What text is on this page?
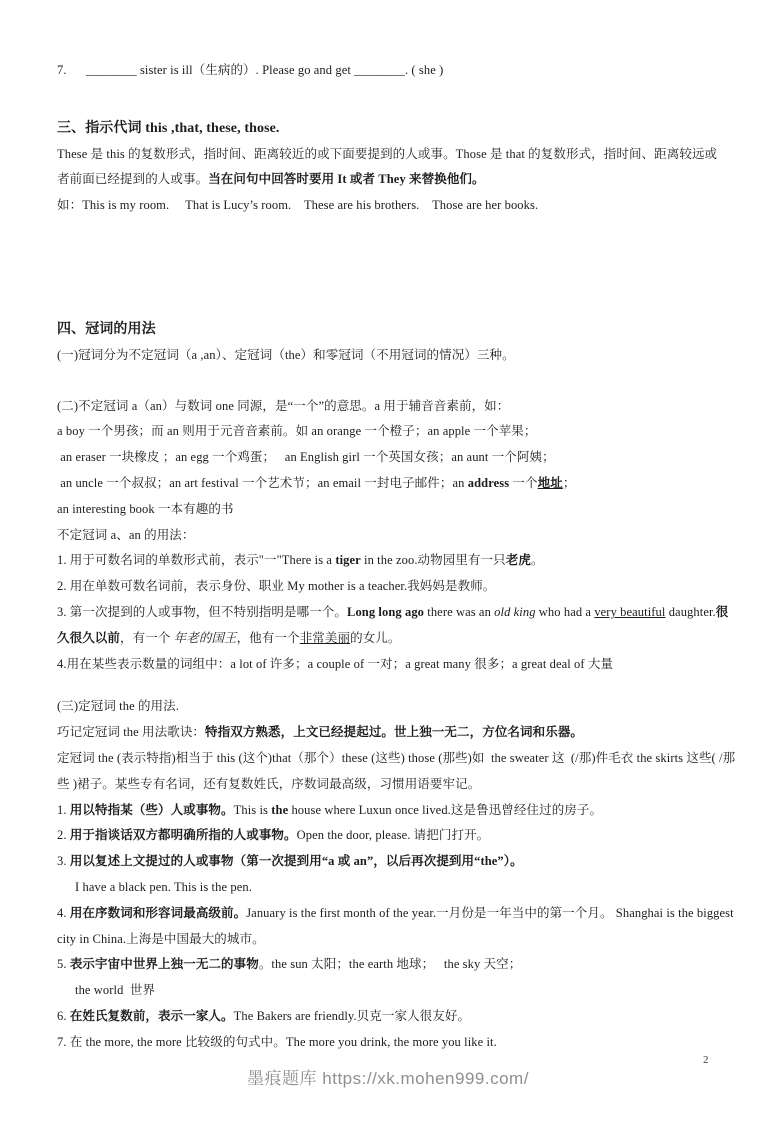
7.      ________ sister is ill（生病的）. Please go and get ________. ( she )
三、指示代词 this ,that, these, those.
These 是 this 的复数形式，指时间、距离较近的或下面要提到的人或事。Those 是 that 的复数形式，指时间、距离较远或
者前面已经提到的人或事。当在问句中回答时要用 It 或者 They 来替换他们。
如：This is my room.     That is Lucy’s room.    These are his brothers.    Those are her books.
四、冠词的用法
(一)冠词分为不定冠词（a ,an）、定冠词（the）和零冠词（不用冠词的情况）三种。
(二)不定冠词 a（an）与数词 one 同源，是“一个”的意思。a 用于辅音音素前，如：
a boy 一个男孩；而 an 则用于元音音素前。如 an orange 一个橙子；an apple 一个苹果；
an eraser 一块橡皮 ；an egg 一个鸡蛋；   an English girl 一个英国女孩；an aunt 一个阿姨；
an uncle 一个叔叔；an art festival 一个艺术节；an email 一封电子邮件；an address 一个地址；
an interesting book 一本有趣的书
不定冠词 a、an 的用法：
1. 用于可数名词的单数形式前，表示"一"There is a tiger in the zoo.动物园里有一只老虎。
2. 用在单数可数名词前，表示身份、职业 My mother is a teacher.我妈妈是教师。
3. 第一次提到的人或事物，但不特别指明是哪一个。Long long ago there was an old king who had a very beautiful daughter.很
久很久以前，有一个 年老的国王，他有一个非常美丽的女儿。
4.用在某些表示数量的词组中：a lot of 许多；a couple of 一对；a great many 很多；a great deal of 大量
(三)定冠词 the 的用法.
巧记定冠词 the 用法歌诀：特指双方熟悉，上文已经提起过。世上独一无二，方位名词和乐器。
定冠词 the (表示特指)相当于 this (这个)that（那个）these (这些) those (那些)如  the sweater 这  (/那)件毛衣 the skirts 这些( /那
些 )裙子。某些专有名词，还有复数姓氏，序数词最高级，习惯用语要牢记。
1. 用以特指某（些）人或事物。This is the house where Luxun once lived.这是鲁迅曾经住过的房子。
2. 用于指谈话双方都明确所指的人或事物。Open the door, please. 请把门打开。
3. 用以复述上文提过的人或事物（第一次提到用“a 或 an”，以后再次提到用“the”）。
I have a black pen. This is the pen.
4. 用在序数词和形容词最高级前。January is the first month of the year.一月份是一年当中的第一个月。 Shanghai is the biggest
city in China.上海是中国最大的城市。
5. 表示宇宙中世界上独一无二的事物。the sun 太阳；the earth 地球；   the sky 天空；
the world  世界
6. 在姓氏复数前，表示一家人。The Bakers are friendly.贝克一家人很友好。
7. 在 the more, the more 比较级的句式中。The more you drink, the more you like it.
墨痕题库 https://xk.mohen999.com/
2
